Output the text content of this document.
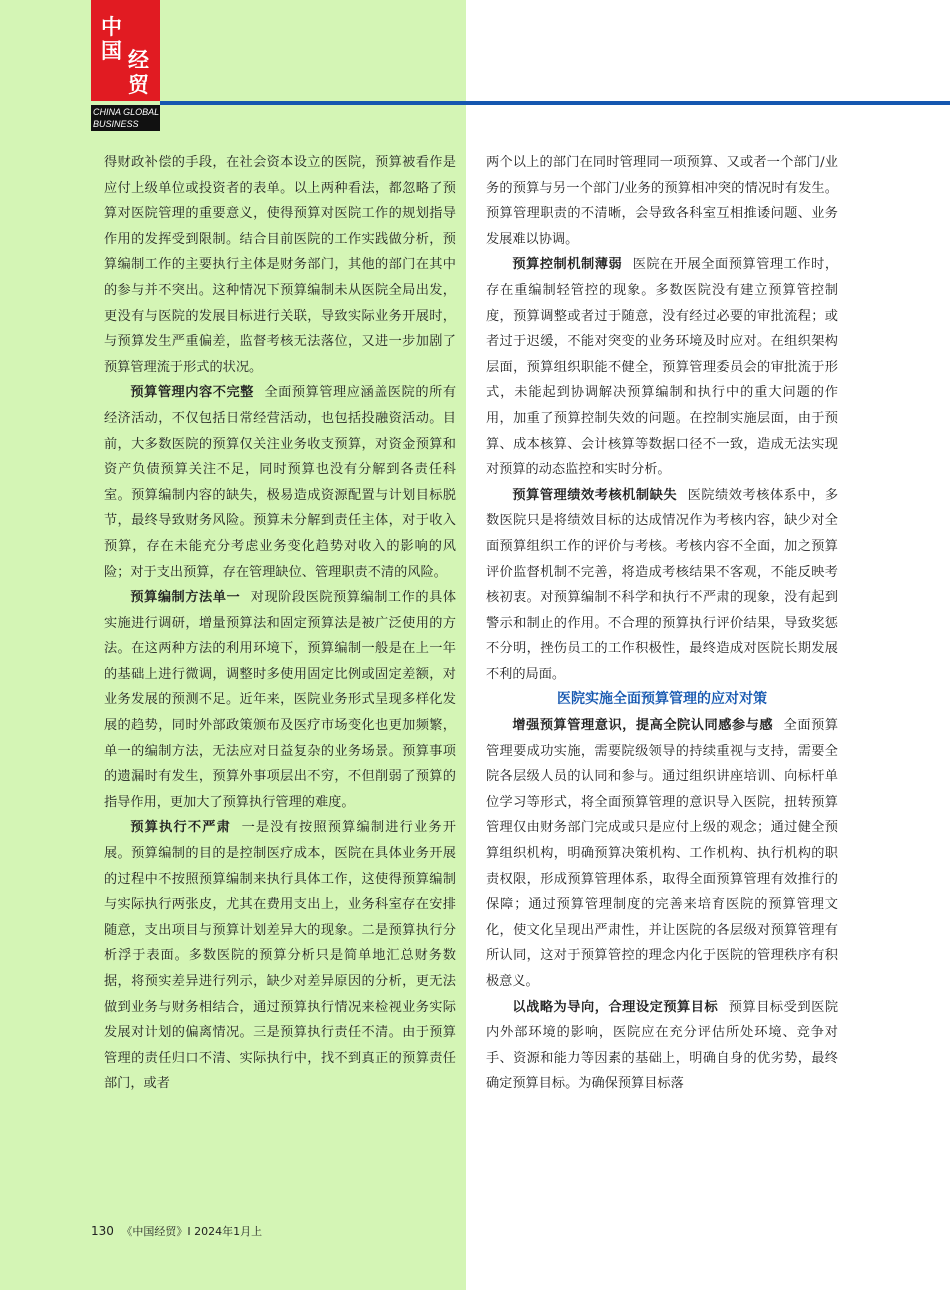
中
国 经
贸
CHINA GLOBAL
BUSINESS

得财政补偿的手段，在社会资本设立的医院，预算被看作是应付上级单位或投资者的表单。以上两种看法，都忽略了预算对医院管理的重要意义，使得预算对医院工作的规划指导作用的发挥受到限制。结合目前医院的工作实践做分析，预算编制工作的主要执行主体是财务部门，其他的部门在其中的参与并不突出。这种情况下预算编制未从医院全局出发，更没有与医院的发展目标进行关联，导致实际业务开展时，与预算发生严重偏差，监督考核无法落位，又进一步加剧了预算管理流于形式的状况。

预算管理内容不完整 全面预算管理应涵盖医院的所有经济活动，不仅包括日常经营活动，也包括投融资活动。目前，大多数医院的预算仅关注业务收支预算，对资金预算和资产负债预算关注不足，同时预算也没有分解到各责任科室。预算编制内容的缺失，极易造成资源配置与计划目标脱节，最终导致财务风险。预算未分解到责任主体，对于收入预算，存在未能充分考虑业务变化趋势对收入的影响的风险；对于支出预算，存在管理缺位、管理职责不清的风险。

预算编制方法单一 对现阶段医院预算编制工作的具体实施进行调研，增量预算法和固定预算法是被广泛使用的方法。在这两种方法的利用环境下，预算编制一般是在上一年的基础上进行微调，调整时多使用固定比例或固定差额，对业务发展的预测不足。近年来，医院业务形式呈现多样化发展的趋势，同时外部政策颁布及医疗市场变化也更加频繁，单一的编制方法，无法应对日益复杂的业务场景。预算事项的遗漏时有发生，预算外事项层出不穷，不但削弱了预算的指导作用，更加大了预算执行管理的难度。

预算执行不严肃 一是没有按照预算编制进行业务开展。预算编制的目的是控制医疗成本，医院在具体业务开展的过程中不按照预算编制来执行具体工作，这使得预算编制与实际执行两张皮，尤其在费用支出上，业务科室存在安排随意，支出项目与预算计划差异大的现象。二是预算执行分析浮于表面。多数医院的预算分析只是简单地汇总财务数据，将预实差异进行列示，缺少对差异原因的分析，更无法做到业务与财务相结合，通过预算执行情况来检视业务实际发展对计划的偏离情况。三是预算执行责任不清。由于预算管理的责任归口不清、实际执行中，找不到真正的预算责任部门，或者

两个以上的部门在同时管理同一项预算、又或者一个部门/业务的预算与另一个部门/业务的预算相冲突的情况时有发生。预算管理职责的不清晰，会导致各科室互相推诿问题、业务发展难以协调。

预算控制机制薄弱 医院在开展全面预算管理工作时，存在重编制轻管控的现象。多数医院没有建立预算管控制度，预算调整或者过于随意，没有经过必要的审批流程；或者过于迟缓，不能对突变的业务环境及时应对。在组织架构层面，预算组织职能不健全，预算管理委员会的审批流于形式，未能起到协调解决预算编制和执行中的重大问题的作用，加重了预算控制失效的问题。在控制实施层面，由于预算、成本核算、会计核算等数据口径不一致，造成无法实现对预算的动态监控和实时分析。

预算管理绩效考核机制缺失 医院绩效考核体系中，多数医院只是将绩效目标的达成情况作为考核内容，缺少对全面预算组织工作的评价与考核。考核内容不全面，加之预算评价监督机制不完善，将造成考核结果不客观，不能反映考核初衷。对预算编制不科学和执行不严肃的现象，没有起到警示和制止的作用。不合理的预算执行评价结果，导致奖惩不分明，挫伤员工的工作积极性，最终造成对医院长期发展不利的局面。

医院实施全面预算管理的应对对策

增强预算管理意识，提高全院认同感参与感 全面预算管理要成功实施，需要院级领导的持续重视与支持，需要全院各层级人员的认同和参与。通过组织讲座培训、向标杆单位学习等形式，将全面预算管理的意识导入医院，扭转预算管理仅由财务部门完成或只是应付上级的观念；通过健全预算组织机构，明确预算决策机构、工作机构、执行机构的职责权限，形成预算管理体系，取得全面预算管理有效推行的保障；通过预算管理制度的完善来培育医院的预算管理文化，使文化呈现出严肃性，并让医院的各层级对预算管理有所认同，这对于预算管控的理念内化于医院的管理秩序有积极意义。

以战略为导向，合理设定预算目标 预算目标受到医院内外部环境的影响，医院应在充分评估所处环境、竞争对手、资源和能力等因素的基础上，明确自身的优劣势，最终确定预算目标。为确保预算目标落

130 《中国经贸》I 2024年1月上
